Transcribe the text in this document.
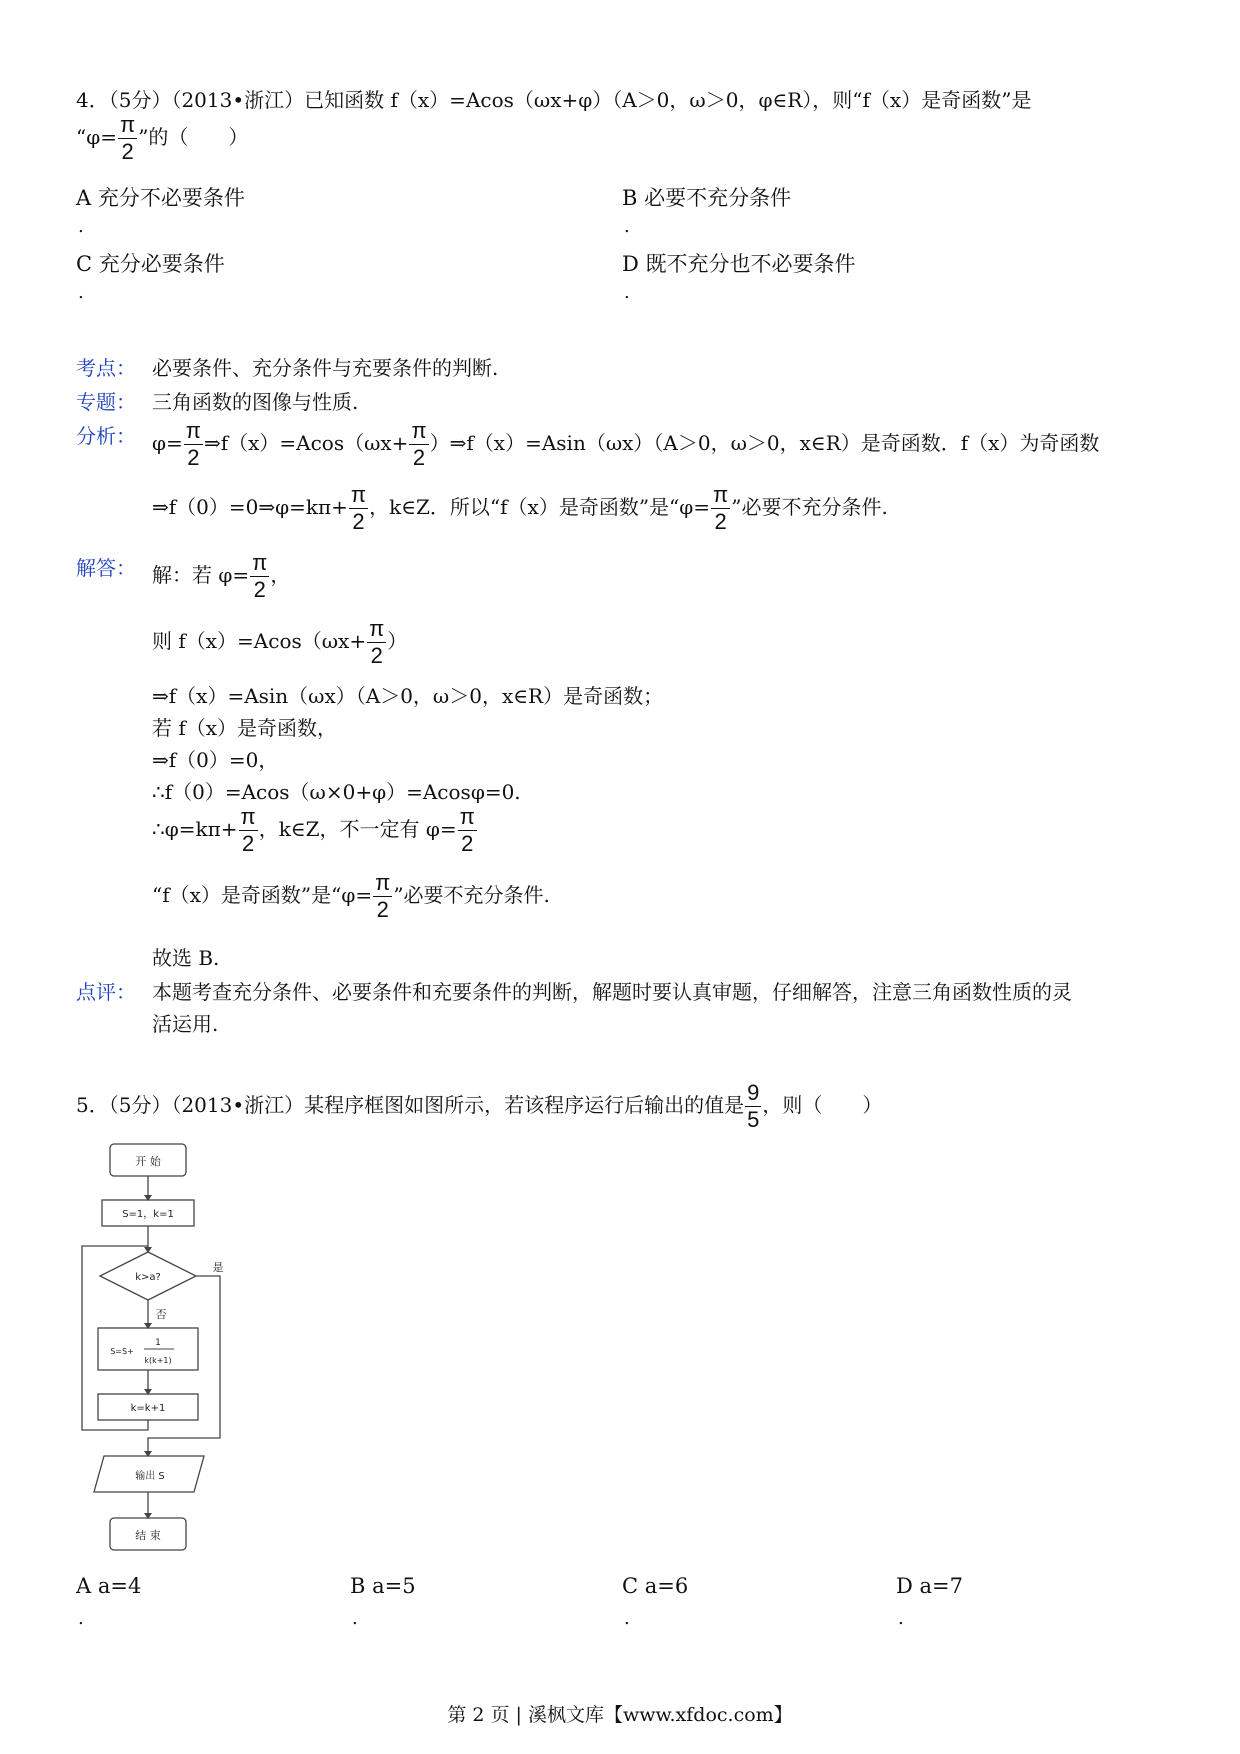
4．（5分）（2013•浙江）已知函数 f（x）=Acos（ωx+φ）（A＞0，ω＞0，φ∈R），则“f（x）是奇函数”是
“$\varphi= \frac{\pi}{2}$ ”的（　　）
A 充分不必要条件
.
B 必要不充分条件
.
C 充分必要条件
.
D 既不充分也不必要条件
.
考点： 必要条件、充分条件与充要条件的判断.
专题： 三角函数的图像与性质.
分析： $\varphi= \frac{\pi}{2}$ ⇒f（x）=Acos（ωx+ $\frac{\pi}{2}$ ）⇒f（x）=Asin（ωx）（A＞0，ω＞0，x∈R）是奇函数．f（x）为奇函数
⇒f（0）=0⇒φ=kπ+ $\frac{\pi}{2}$ ，k∈Z．所以“f（x）是奇函数”是“$\varphi= \frac{\pi}{2}$ ”必要不充分条件.
解答： 解：若 $\varphi= \frac{\pi}{2}$ ，
则 $f(x)=Acos(\omega x+ \frac{\pi}{2}$ ）
⇒f（x）=Asin（ωx）（A＞0，ω＞0，x∈R）是奇函数；
若 f（x）是奇函数，
⇒f（0）=0，
∴f（0）=Acos（ω×0+φ）=Acosφ=0.
∴φ=kπ+ $\frac{\pi}{2}$ ，k∈Z，不一定有 $\varphi= \frac{\pi}{2}$
“f（x）是奇函数”是“$\varphi= \frac{\pi}{2}$ ”必要不充分条件.
故选 B.
点评： 本题考查充分条件、必要条件和充要条件的判断，解题时要认真审题，仔细解答，注意三角函数性质的灵
活运用.
5．（5分）（2013•浙江）某程序框图如图所示，若该程序运行后输出的值是 $\frac{9}{5}$ ，则（　　）
开 始
S=1，k=1
k>a?
是
否
S=S+
1
k(k+1)
k=k+1
输出 S
结 束
A a=4
.
B a=5
.
C a=6
.
D a=7
.
第 2 页 | 溪枫文库【www.xfdoc.com】
